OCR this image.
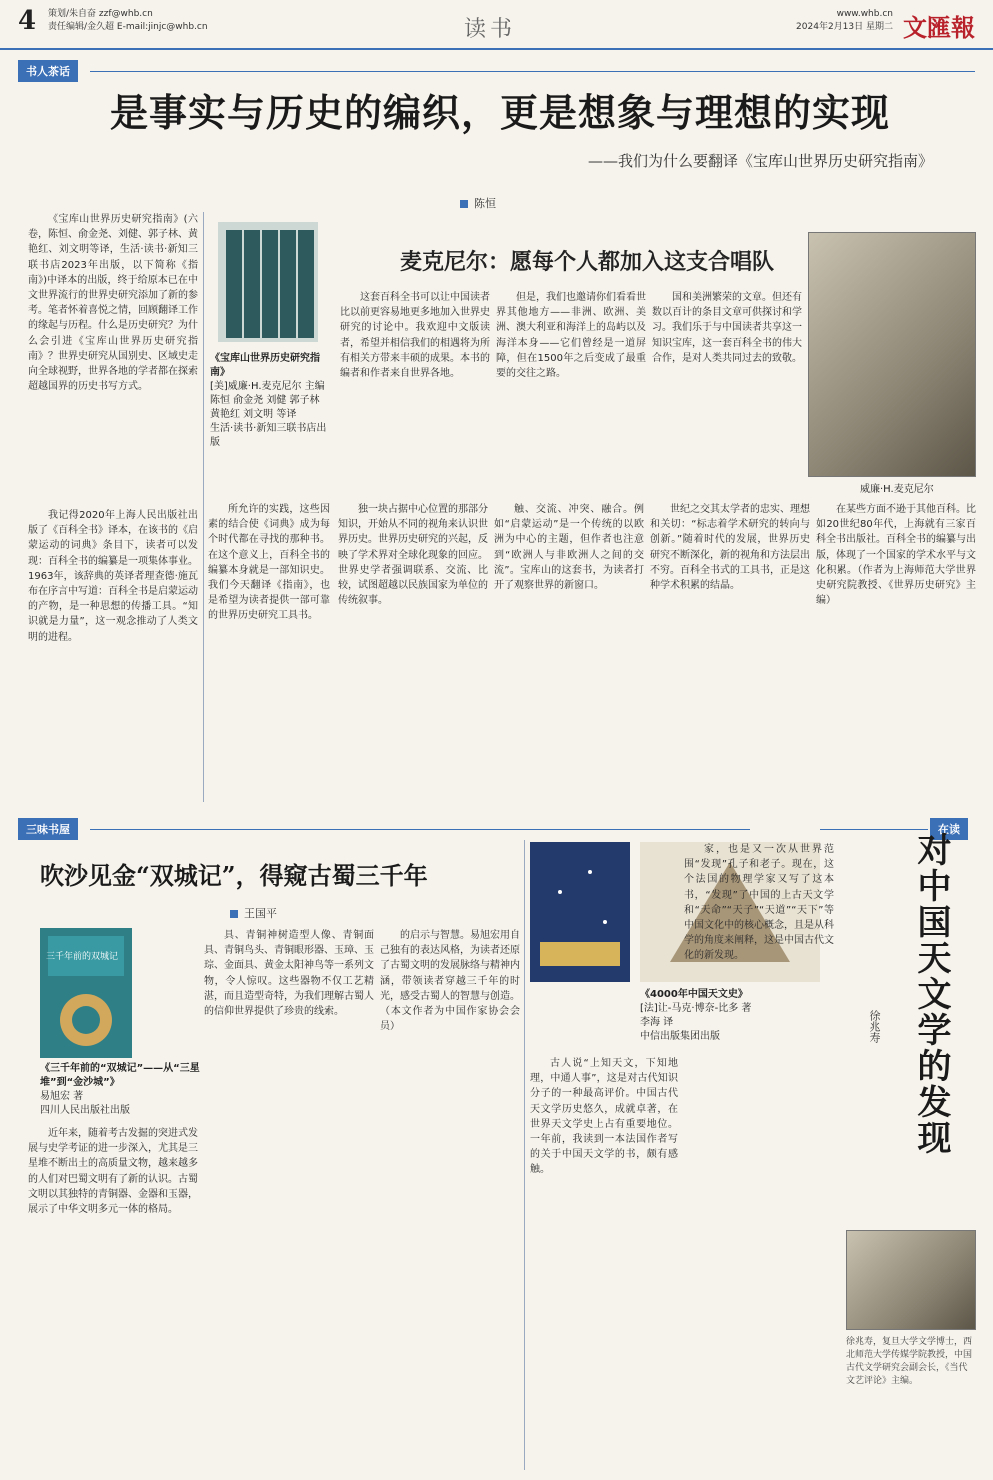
4 策划/朱自奋 zzf@whb.cn
责任编辑/金久超 E-mail:jinjc@whb.cn	读书
www.whb.cn
2024年2月13日 星期二 文匯報
书人茶话
是事实与历史的编织，更是想象与理想的实现
——我们为什么要翻译《宝库山世界历史研究指南》
陈恒

《宝库山世界历史研究指南》(六卷，陈恒、俞金尧、刘健、郭子林、黄艳红、刘文明等译，生活·读书·新知三联书店2023年出版，以下简称《指南》)中译本的出版，终于给原本已在中文世界流行的世界史研究添加了新的参考。笔者怀着喜悦之情，回顾翻译工作的缘起与历程。什么是历史研究？为什么会引进《宝库山世界历史研究指南》？世界史研究从国别史、区域史走向全球视野，世界各地的学者都在探索超越国界的历史书写方式。

我记得2020年上海人民出版社出版了《百科全书》译本，在该书的《启蒙运动的词典》条目下，读者可以发现：百科全书的编纂是一项集体事业。1963年，该辞典的英译者理查德·施瓦布在序言中写道：百科全书是启蒙运动的产物，是一种思想的传播工具。“知识就是力量”，这一观念推动了人类文明的进程。

《宝库山世界历史研究指南》
[美]威廉·H.麦克尼尔 主编
陈恒 俞金尧 刘健 郭子林 黄艳红 刘文明 等译
生活·读书·新知三联书店出版
麦克尼尔：愿每个人都加入这支合唱队

这套百科全书可以让中国读者比以前更容易地更多地加入世界史研究的讨论中。我欢迎中文版读者，希望并相信我们的相遇将为所有相关方带来丰硕的成果。本书的编者和作者来自世界各地。

但是，我们也邀请你们看看世界其他地方——非洲、欧洲、美洲、澳大利亚和海洋上的岛屿以及海洋本身——它们曾经是一道屏障，但在1500年之后变成了最重要的交往之路。

国和美洲繁荣的文章。但还有数以百计的条目文章可供探讨和学习。我们乐于与中国读者共享这一知识宝库，这一套百科全书的伟大合作，是对人类共同过去的致敬。

威廉·H.麦克尼尔

所允许的实践，这些因素的结合使《词典》成为每个时代都在寻找的那种书。在这个意义上，百科全书的编纂本身就是一部知识史。我们今天翻译《指南》，也是希望为读者提供一部可靠的世界历史研究工具书。

独一块占据中心位置的那部分知识，开始从不同的视角来认识世界历史。世界历史研究的兴起，反映了学术界对全球化现象的回应。世界史学者强调联系、交流、比较，试图超越以民族国家为单位的传统叙事。

触、交流、冲突、融合。例如“启蒙运动”是一个传统的以欧洲为中心的主题，但作者也注意到“欧洲人与非欧洲人之间的交流”。宝库山的这套书，为读者打开了观察世界的新窗口。

世纪之交其太学者的忠实、理想和关切：“标志着学术研究的转向与创新。”随着时代的发展，世界历史研究不断深化，新的视角和方法层出不穷。百科全书式的工具书，正是这种学术积累的结晶。

在某些方面不逊于其他百科。比如20世纪80年代，上海就有三家百科全书出版社。百科全书的编纂与出版，体现了一个国家的学术水平与文化积累。（作者为上海师范大学世界史研究院教授、《世界历史研究》主编）

三味书屋	在读
吹沙见金“双城记”，得窥古蜀三千年
王国平
三千年前的双城记
《三千年前的“双城记”——从“三星堆”到“金沙城”》
易旭宏 著
四川人民出版社出版

近年来，随着考古发掘的突进式发展与史学考证的进一步深入，尤其是三星堆不断出土的高质量文物，越来越多的人们对巴蜀文明有了新的认识。古蜀文明以其独特的青铜器、金器和玉器，展示了中华文明多元一体的格局。

具、青铜神树造型人像、青铜面具、青铜鸟头、青铜眼形器、玉璋、玉琮、金面具、黄金太阳神鸟等一系列文物，令人惊叹。这些器物不仅工艺精湛，而且造型奇特，为我们理解古蜀人的信仰世界提供了珍贵的线索。

的启示与智慧。易旭宏用自己独有的表达风格，为读者还原了古蜀文明的发展脉络与精神内涵，带领读者穿越三千年的时光，感受古蜀人的智慧与创造。（本文作者为中国作家协会会员）

《4000年中国天文史》
[法]让-马克·博奈-比多 著
李海 译
中信出版集团出版

古人说“上知天文，下知地理，中通人事”，这是对古代知识分子的一种最高评价。中国古代天文学历史悠久，成就卓著，在世界天文学史上占有重要地位。一年前，我读到一本法国作者写的关于中国天文学的书，颇有感触。

家，也是又一次从世界范围“发现”孔子和老子。现在，这个法国的物理学家又写了这本书，“发现”了中国的上古天文学和“天命”“天子”“天道”“天下”等中国文化中的核心概念，且是从科学的角度来阐释，这是中国古代文化的新发现。	对中国天文学的发现
徐兆寿
徐兆寿，复旦大学文学博士，西北师范大学传媒学院教授，中国古代文学研究会副会长，《当代文艺评论》主编。
